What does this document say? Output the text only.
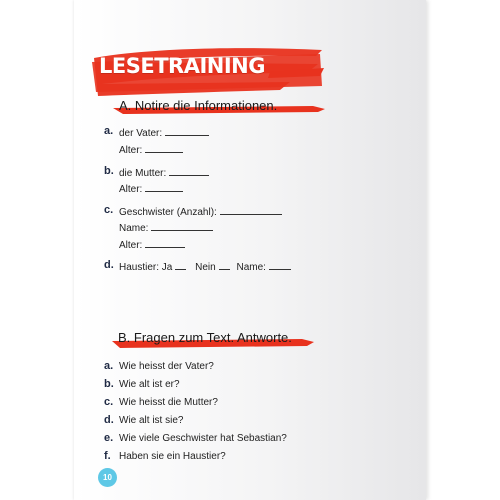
LESETRAINING
A. Notire die Informationen.
a. der Vater:
Alter:
b. die Mutter:
Alter:
c. Geschwister (Anzahl):
Name:
Alter:
d. Haustier: Ja Nein Name:
B. Fragen zum Text. Antworte.
a. Wie heisst der Vater?
b. Wie alt ist er?
c. Wie heisst die Mutter?
d. Wie alt ist sie?
e. Wie viele Geschwister hat Sebastian?
f. Haben sie ein Haustier?
10
